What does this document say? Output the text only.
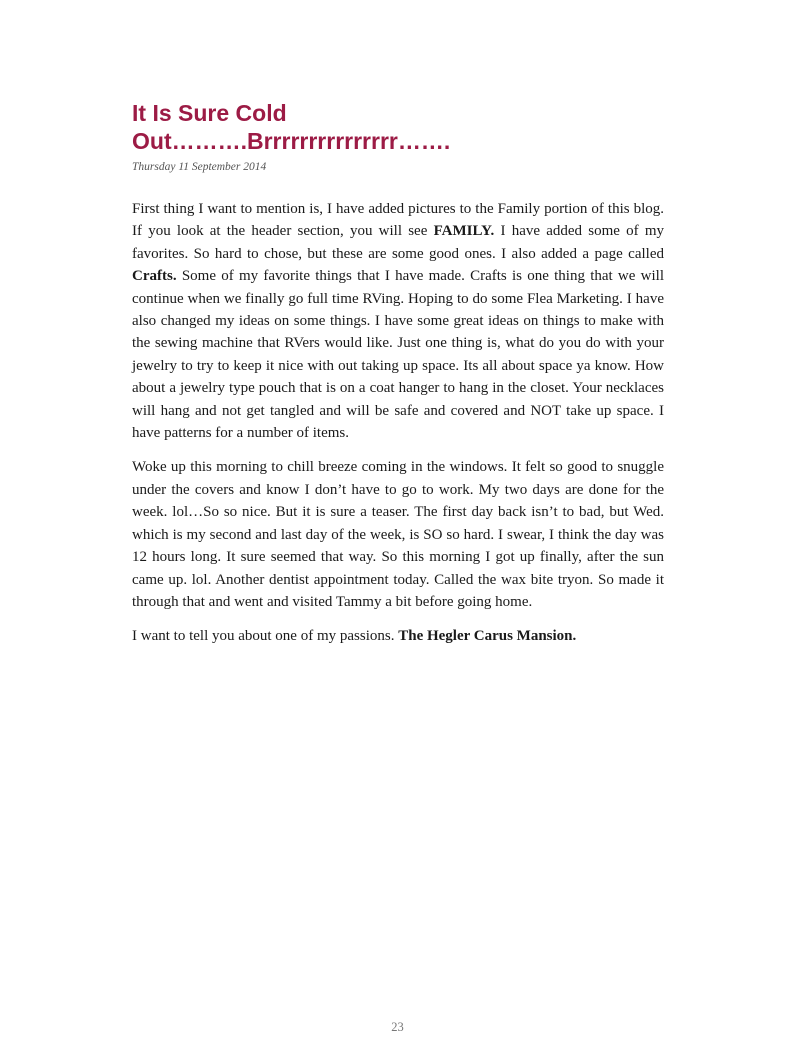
It Is Sure Cold
Out……….Brrrrrrrrrrrrrrr…….
Thursday 11 September 2014

First thing I want to mention is, I have added pictures to the Family portion of this blog. If you look at the header section, you will see FAMILY. I have added some of my favorites. So hard to chose, but these are some good ones. I also added a page called Crafts. Some of my favorite things that I have made. Crafts is one thing that we will continue when we finally go full time RVing. Hoping to do some Flea Marketing. I have also changed my ideas on some things. I have some great ideas on things to make with the sewing machine that RVers would like. Just one thing is, what do you do with your jewelry to try to keep it nice with out taking up space. Its all about space ya know. How about a jewelry type pouch that is on a coat hanger to hang in the closet. Your necklaces will hang and not get tangled and will be safe and covered and NOT take up space. I have patterns for a number of items.

Woke up this morning to chill breeze coming in the windows. It felt so good to snuggle under the covers and know I don’t have to go to work. My two days are done for the week. lol…So so nice. But it is sure a teaser. The first day back isn’t to bad, but Wed. which is my second and last day of the week, is SO so hard. I swear, I think the day was 12 hours long. It sure seemed that way. So this morning I got up finally, after the sun came up. lol. Another dentist appointment today. Called the wax bite tryon. So made it through that and went and visited Tammy a bit before going home.

I want to tell you about one of my passions. The Hegler Carus Mansion.

23
